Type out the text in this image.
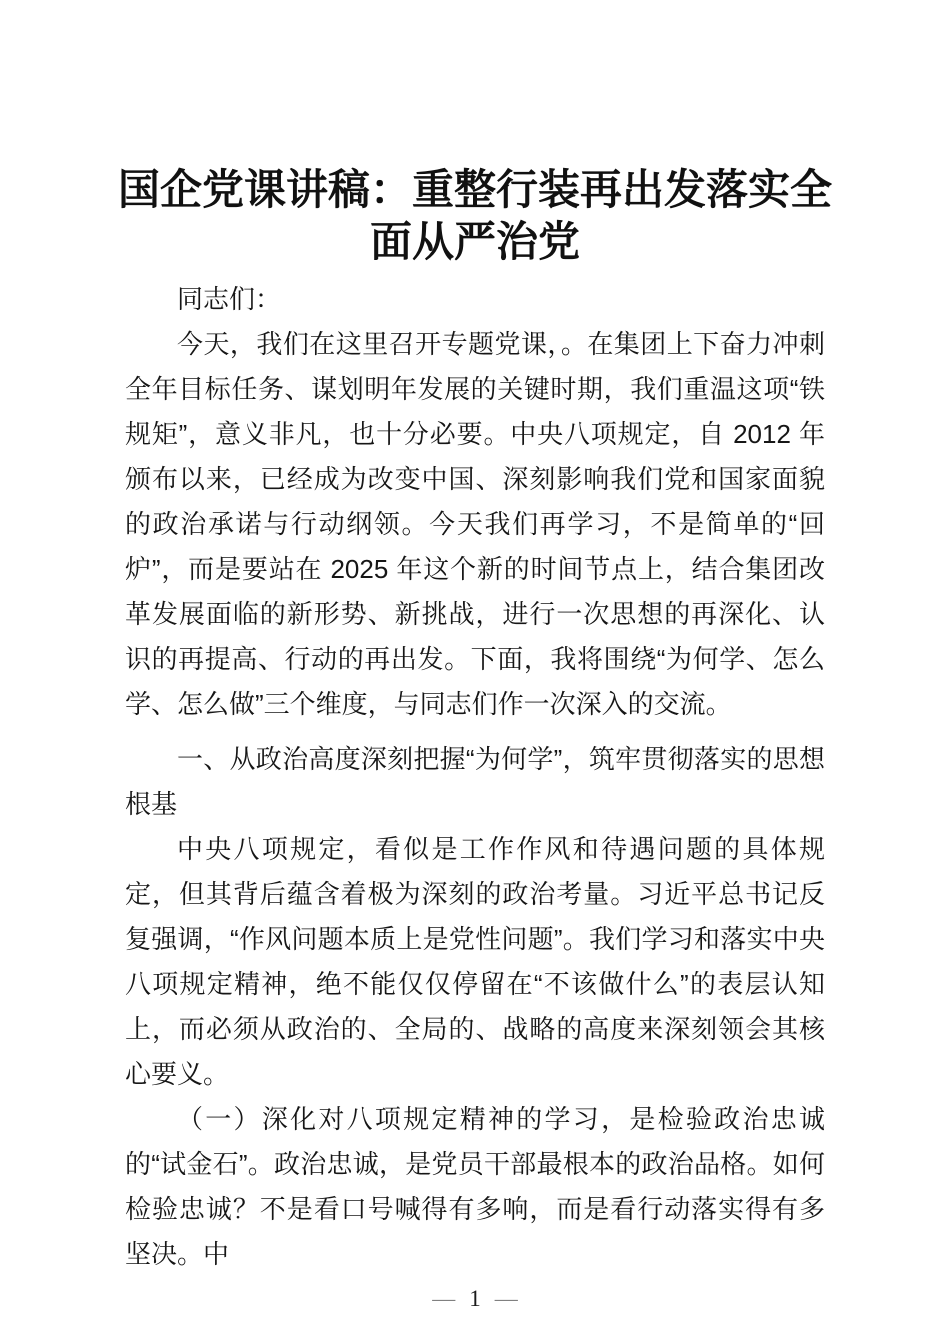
国企党课讲稿：重整行装再出发落实全面从严治党

同志们：

今天，我们在这里召开专题党课，。在集团上下奋力冲刺全年目标任务、谋划明年发展的关键时期，我们重温这项“铁规矩”，意义非凡，也十分必要。中央八项规定，自 2012 年颁布以来，已经成为改变中国、深刻影响我们党和国家面貌的政治承诺与行动纲领。今天我们再学习，不是简单的“回炉”，而是要站在 2025 年这个新的时间节点上，结合集团改革发展面临的新形势、新挑战，进行一次思想的再深化、认识的再提高、行动的再出发。下面，我将围绕“为何学、怎么学、怎么做”三个维度，与同志们作一次深入的交流。

一、从政治高度深刻把握“为何学”，筑牢贯彻落实的思想根基

中央八项规定，看似是工作作风和待遇问题的具体规定，但其背后蕴含着极为深刻的政治考量。习近平总书记反复强调，“作风问题本质上是党性问题”。我们学习和落实中央八项规定精神，绝不能仅仅停留在“不该做什么”的表层认知上，而必须从政治的、全局的、战略的高度来深刻领会其核心要义。

（一）深化对八项规定精神的学习，是检验政治忠诚的“试金石”。政治忠诚，是党员干部最根本的政治品格。如何检验忠诚？不是看口号喊得有多响，而是看行动落实得有多坚决。中

— 1 —
